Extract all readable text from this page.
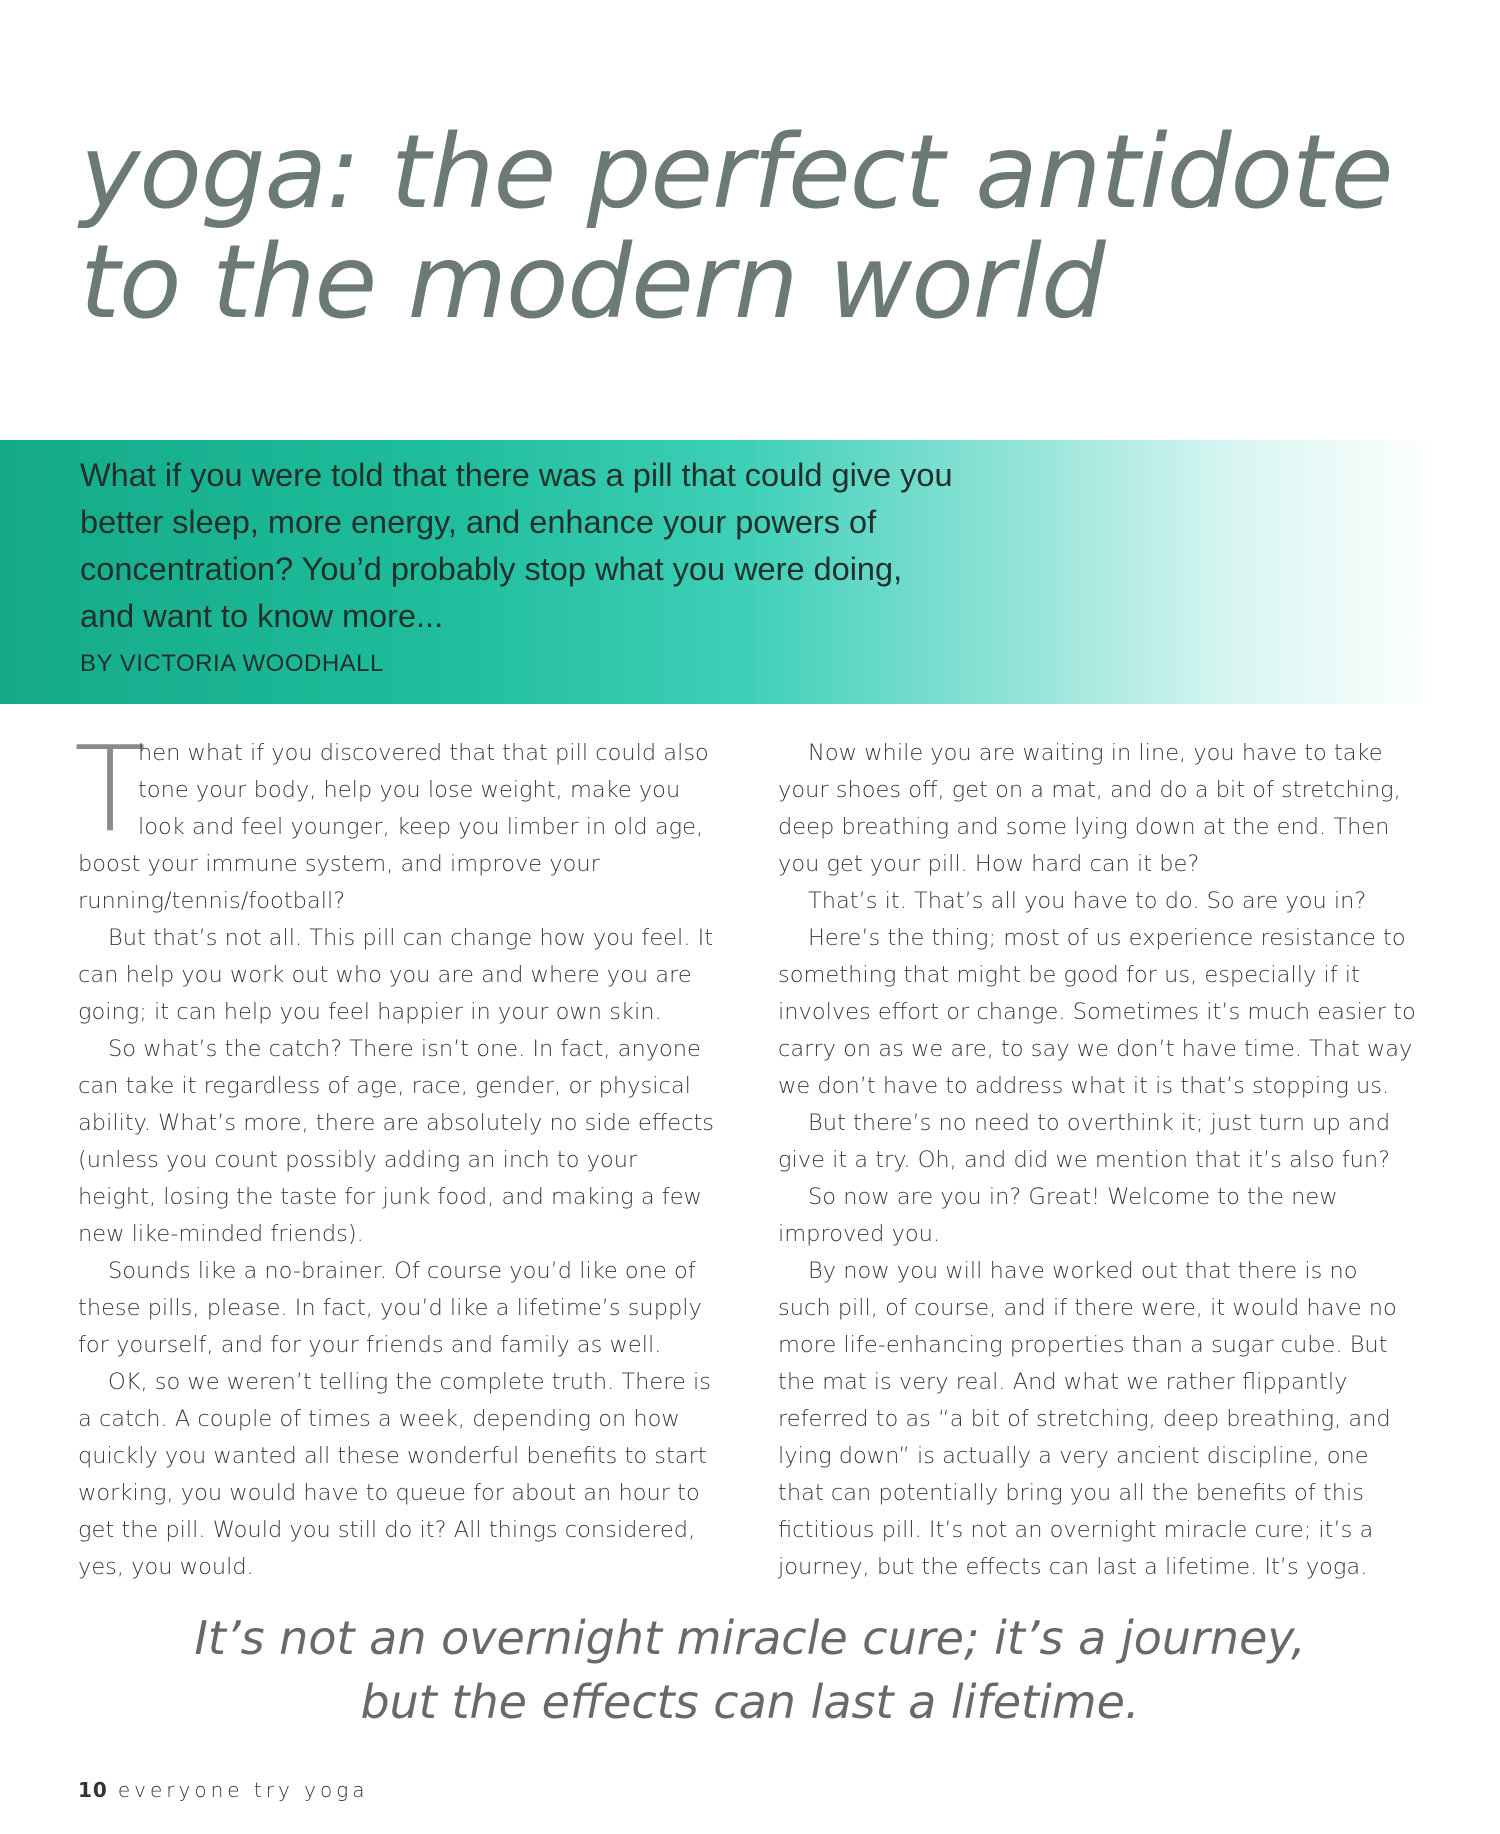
yoga: the perfect antidote
to the modern world

What if you were told that there was a pill that could give you better sleep, more energy, and enhance your powers of concentration? You’d probably stop what you were doing, and want to know more...

BY VICTORIA WOODHALL

T
hen what if you discovered that that pill could also tone your body, help you lose weight, make you look and feel younger, keep you limber in old age, boost your immune system, and improve your running/tennis/football?

But that’s not all. This pill can change how you feel. It can help you work out who you are and where you are going; it can help you feel happier in your own skin.

So what’s the catch? There isn’t one. In fact, anyone can take it regardless of age, race, gender, or physical ability. What’s more, there are absolutely no side effects (unless you count possibly adding an inch to your height, losing the taste for junk food, and making a few new like-minded friends).

Sounds like a no-brainer. Of course you’d like one of these pills, please. In fact, you’d like a lifetime’s supply for yourself, and for your friends and family as well.

OK, so we weren’t telling the complete truth. There is a catch. A couple of times a week, depending on how quickly you wanted all these wonderful benefits to start working, you would have to queue for about an hour to get the pill. Would you still do it? All things considered, yes, you would.

Now while you are waiting in line, you have to take your shoes off, get on a mat, and do a bit of stretching, deep breathing and some lying down at the end. Then you get your pill. How hard can it be?

That’s it. That’s all you have to do. So are you in?

Here’s the thing; most of us experience resistance to something that might be good for us, especially if it involves effort or change. Sometimes it’s much easier to carry on as we are, to say we don’t have time. That way we don’t have to address what it is that’s stopping us.

But there’s no need to overthink it; just turn up and give it a try. Oh, and did we mention that it’s also fun?

So now are you in? Great! Welcome to the new improved you.

By now you will have worked out that there is no such pill, of course, and if there were, it would have no more life-enhancing properties than a sugar cube. But the mat is very real. And what we rather flippantly referred to as “a bit of stretching, deep breathing, and lying down” is actually a very ancient discipline, one that can potentially bring you all the benefits of this fictitious pill. It’s not an overnight miracle cure; it’s a journey, but the effects can last a lifetime. It’s yoga.

It’s not an overnight miracle cure; it’s a journey,
but the effects can last a lifetime.
10 everyone try yoga
